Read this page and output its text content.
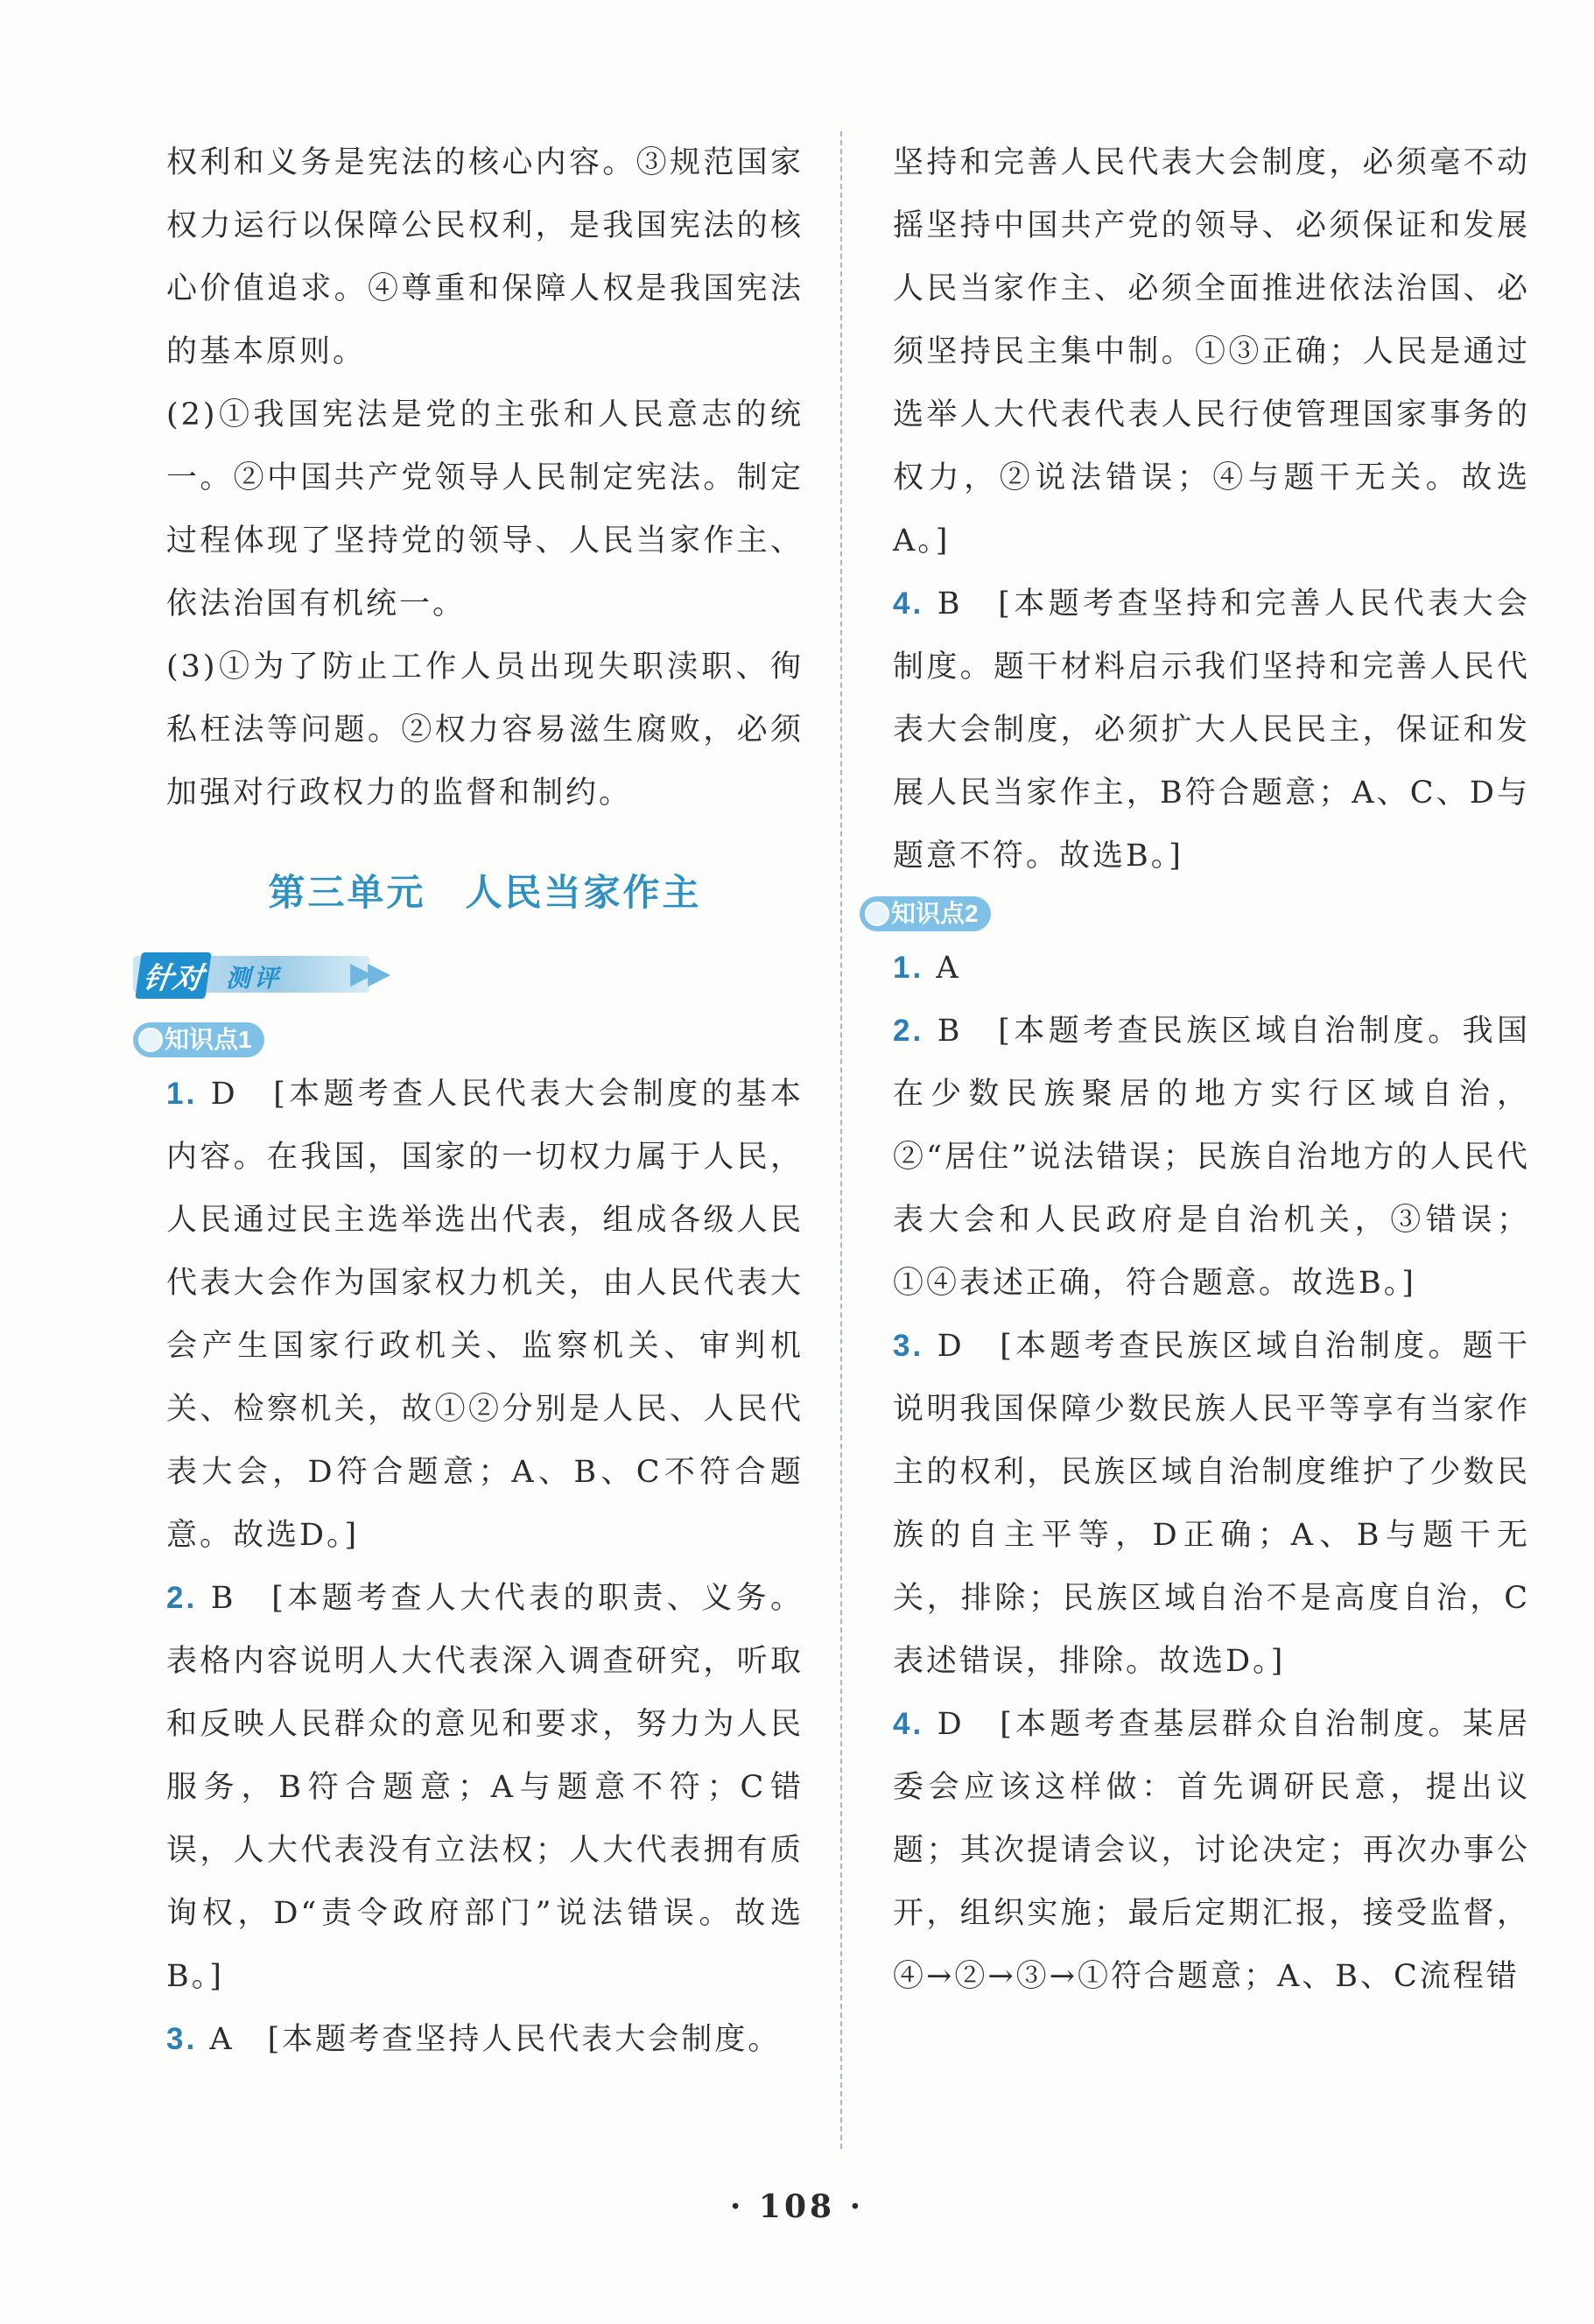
权利和义务是宪法的核心内容。③规范国家权力运行以保障公民权利，是我国宪法的核心价值追求。④尊重和保障人权是我国宪法的基本原则。

(2)①我国宪法是党的主张和人民意志的统一。②中国共产党领导人民制定宪法。制定过程体现了坚持党的领导、人民当家作主、依法治国有机统一。

(3)①为了防止工作人员出现失职渎职、徇私枉法等问题。②权力容易滋生腐败，必须加强对行政权力的监督和制约。

第三单元　人民当家作主
针对 测评 ▶▶
知识点1

1. D　[本题考查人民代表大会制度的基本内容。在我国，国家的一切权力属于人民，人民通过民主选举选出代表，组成各级人民代表大会作为国家权力机关，由人民代表大会产生国家行政机关、监察机关、审判机关、检察机关，故①②分别是人民、人民代表大会，D符合题意；A、B、C不符合题意。故选D。]

2. B　[本题考查人大代表的职责、义务。表格内容说明人大代表深入调查研究，听取和反映人民群众的意见和要求，努力为人民服务，B符合题意；A与题意不符；C错误，人大代表没有立法权；人大代表拥有质询权，D“责令政府部门”说法错误。故选B。]

3. A　[本题考查坚持人民代表大会制度。

坚持和完善人民代表大会制度，必须毫不动摇坚持中国共产党的领导、必须保证和发展人民当家作主、必须全面推进依法治国、必须坚持民主集中制。①③正确；人民是通过选举人大代表代表人民行使管理国家事务的权力，②说法错误；④与题干无关。故选A。]

4. B　[本题考查坚持和完善人民代表大会制度。题干材料启示我们坚持和完善人民代表大会制度，必须扩大人民民主，保证和发展人民当家作主，B符合题意；A、C、D与题意不符。故选B。]

知识点2

1. A

2. B　[本题考查民族区域自治制度。我国在少数民族聚居的地方实行区域自治，②“居住”说法错误；民族自治地方的人民代表大会和人民政府是自治机关，③错误；①④表述正确，符合题意。故选B。]

3. D　[本题考查民族区域自治制度。题干说明我国保障少数民族人民平等享有当家作主的权利，民族区域自治制度维护了少数民族的自主平等，D正确；A、B与题干无关，排除；民族区域自治不是高度自治，C表述错误，排除。故选D。]

4. D　[本题考查基层群众自治制度。某居委会应该这样做：首先调研民意，提出议题；其次提请会议，讨论决定；再次办事公开，组织实施；最后定期汇报，接受监督，④→②→③→①符合题意；A、B、C流程错

· 108 ·
